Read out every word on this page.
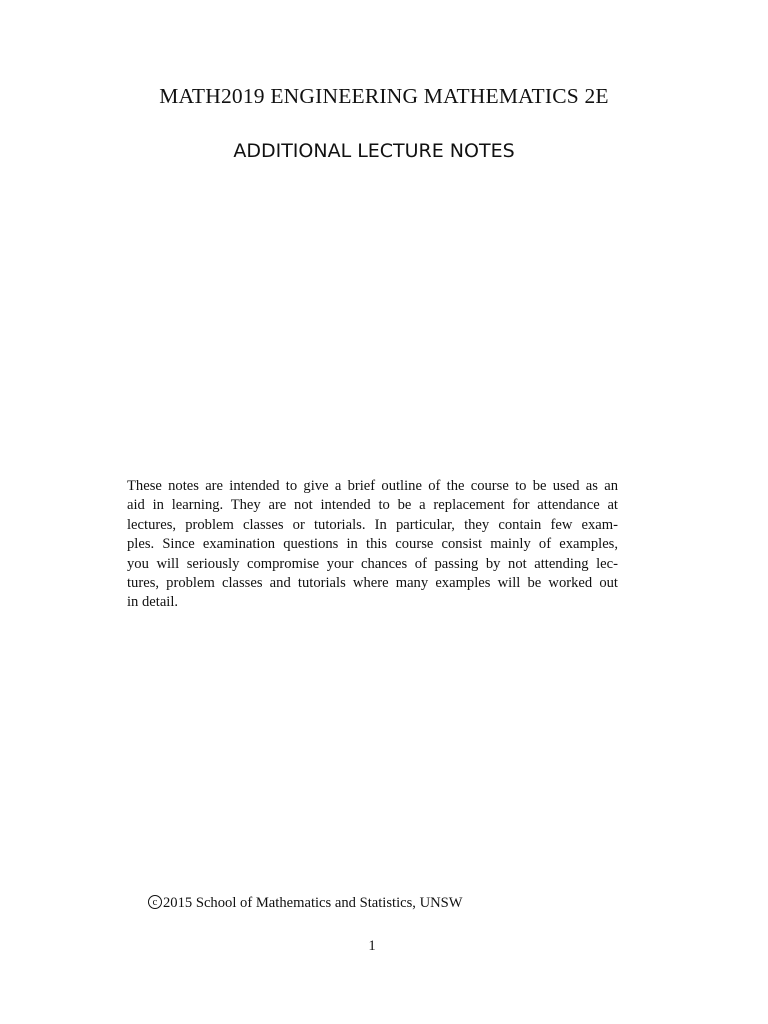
MATH2019 ENGINEERING MATHEMATICS 2E
ADDITIONAL LECTURE NOTES

These notes are intended to give a brief outline of the course to be used as an
aid in learning. They are not intended to be a replacement for attendance at
lectures, problem classes or tutorials. In particular, they contain few exam-
ples. Since examination questions in this course consist mainly of examples,
you will seriously compromise your chances of passing by not attending lec-
tures, problem classes and tutorials where many examples will be worked out
in detail.

c 2015 School of Mathematics and Statistics, UNSW
1
